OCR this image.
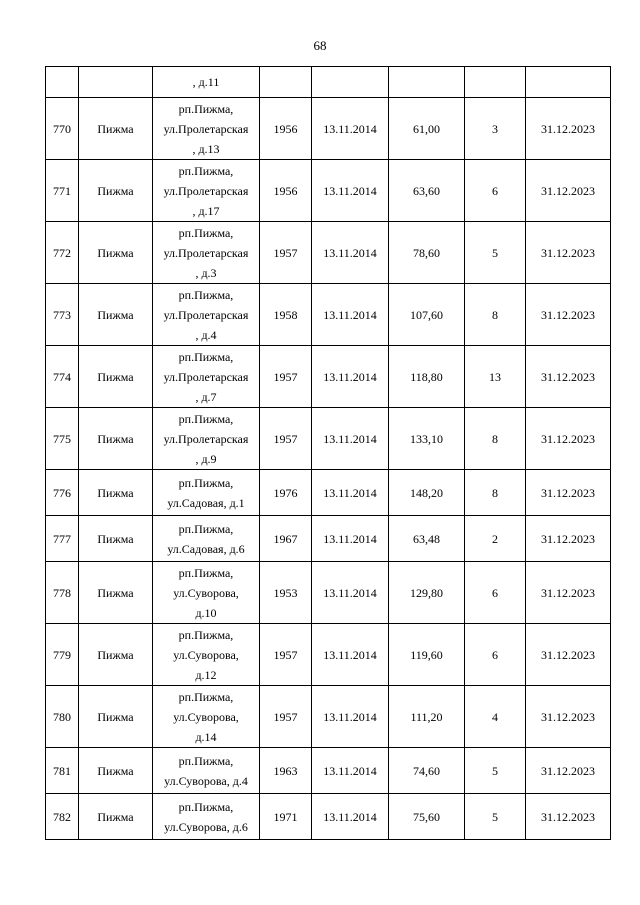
68

		, д.11					

770	Пижма	рп.Пижма,
ул.Пролетарская
, д.13	1956	13.11.2014	61,00	3	31.12.2023
771	Пижма	рп.Пижма,
ул.Пролетарская
, д.17	1956	13.11.2014	63,60	6	31.12.2023
772	Пижма	рп.Пижма,
ул.Пролетарская
, д.3	1957	13.11.2014	78,60	5	31.12.2023
773	Пижма	рп.Пижма,
ул.Пролетарская
, д.4	1958	13.11.2014	107,60	8	31.12.2023
774	Пижма	рп.Пижма,
ул.Пролетарская
, д.7	1957	13.11.2014	118,80	13	31.12.2023
775	Пижма	рп.Пижма,
ул.Пролетарская
, д.9	1957	13.11.2014	133,10	8	31.12.2023
776	Пижма	рп.Пижма,
ул.Садовая, д.1	1976	13.11.2014	148,20	8	31.12.2023
777	Пижма	рп.Пижма,
ул.Садовая, д.6	1967	13.11.2014	63,48	2	31.12.2023
778	Пижма	рп.Пижма,
ул.Суворова,
д.10	1953	13.11.2014	129,80	6	31.12.2023
779	Пижма	рп.Пижма,
ул.Суворова,
д.12	1957	13.11.2014	119,60	6	31.12.2023
780	Пижма	рп.Пижма,
ул.Суворова,
д.14	1957	13.11.2014	111,20	4	31.12.2023
781	Пижма	рп.Пижма,
ул.Суворова, д.4	1963	13.11.2014	74,60	5	31.12.2023
782	Пижма	рп.Пижма,
ул.Суворова, д.6	1971	13.11.2014	75,60	5	31.12.2023
